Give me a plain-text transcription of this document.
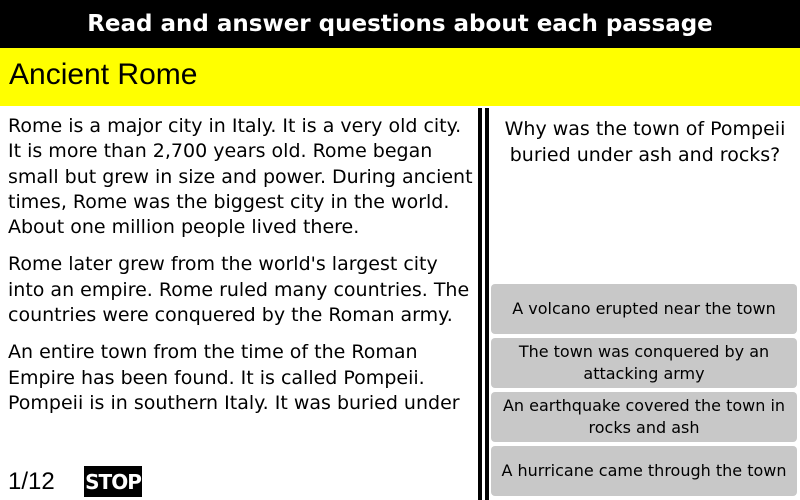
Read and answer questions about each passage
Ancient Rome

Rome is a major city in Italy. It is a very old city. It is more than 2,700 years old. Rome began small but grew in size and power. During ancient times, Rome was the biggest city in the world. About one million people lived there.

Rome later grew from the world's largest city into an empire. Rome ruled many countries. The countries were conquered by the Roman army.

An entire town from the time of the Roman Empire has been found. It is called Pompeii. Pompeii is in southern Italy. It was buried under

Why was the town of Pompeii buried under ash and rocks?
A volcano erupted near the town
The town was conquered by an attacking army
An earthquake covered the town in rocks and ash
A hurricane came through the town
1/12 STOP
